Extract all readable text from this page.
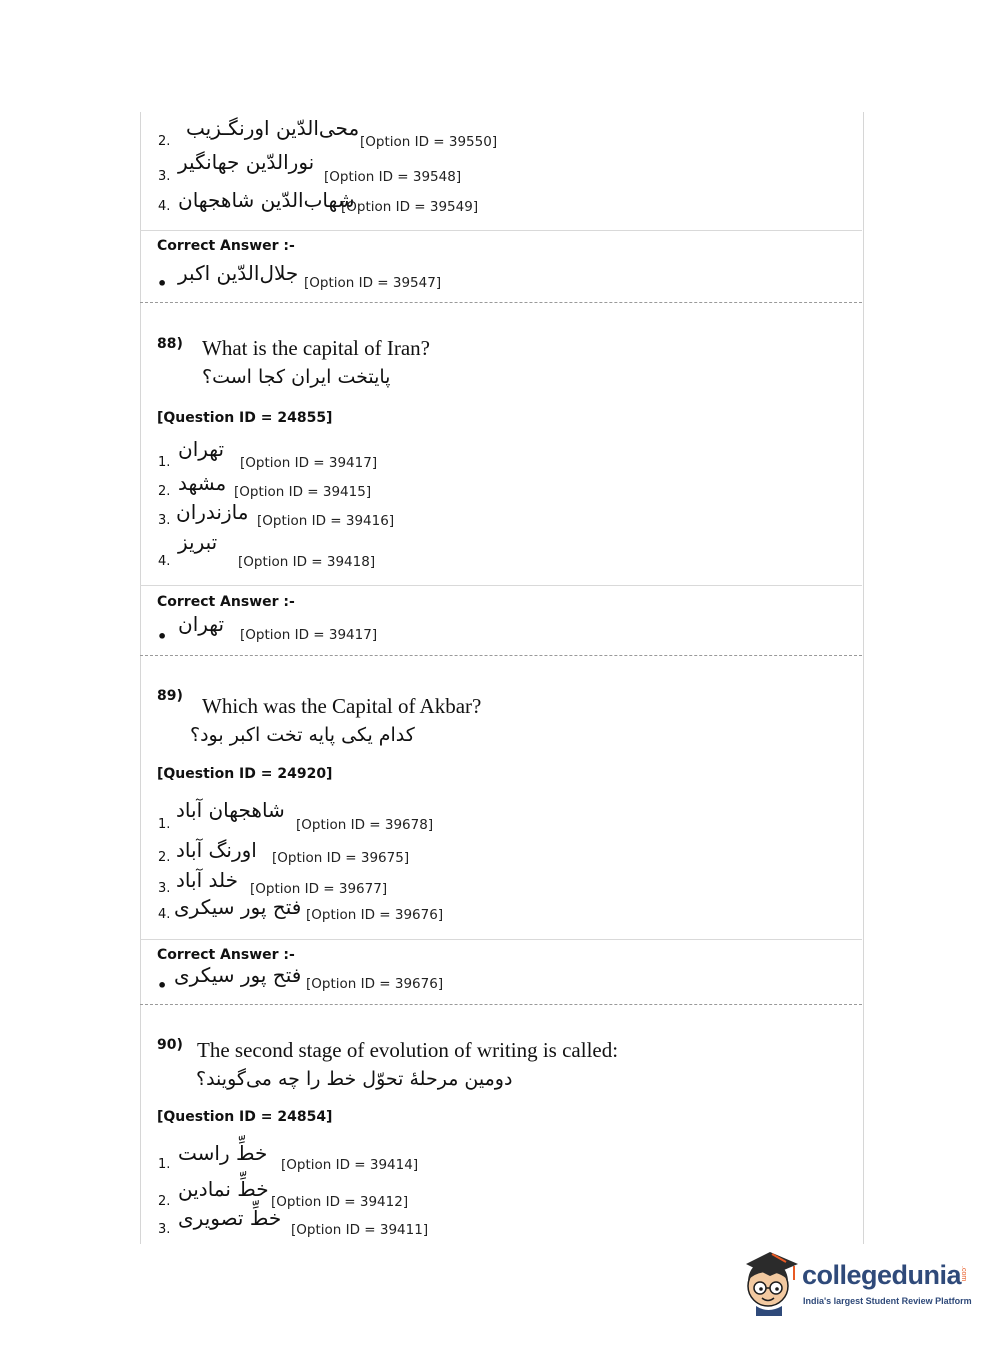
2.
محی‌الدّین اورنگـزیب
[Option ID = 39550]
3.
نورالدّین جهانگیر
[Option ID = 39548]
4. شهاب‌الدّین شاهجهان
[Option ID = 39549]
Correct Answer :-
• جلال‌الدّین اکبر [Option ID = 39547]
88) What is the capital of Iran?
پایتخت ایران کجا است؟
[Question ID = 24855]
1.
تهران
[Option ID = 39417]
2. مشهد [Option ID = 39415]
3. مازندران [Option ID = 39416]
تبریز
4.	[Option ID = 39418]
Correct Answer :-
•
تهران [Option ID = 39417]
89) Which was the Capital of Akbar?
کدام یکی پایه تخت اکبر بود؟
[Question ID = 24920]
شاهجهان آباد
1.	[Option ID = 39678]
2. اورنگ آباد [Option ID = 39675]
3. خلد آباد [Option ID = 39677]
4. فتح پور سیکری [Option ID = 39676]
Correct Answer :-
• فتح پور سیکری [Option ID = 39676]
90) The second stage of evolution of writing is called:
دومین مرحلهٔ تحوّل خط را چه می‌گویند؟
[Question ID = 24854]
1. خطِّ راست [Option ID = 39414]
2.
خطِّ نمادین
[Option ID = 39412]
3. خطِّ تصویری [Option ID = 39411]
collegedunia
.com
India's largest Student Review Platform
